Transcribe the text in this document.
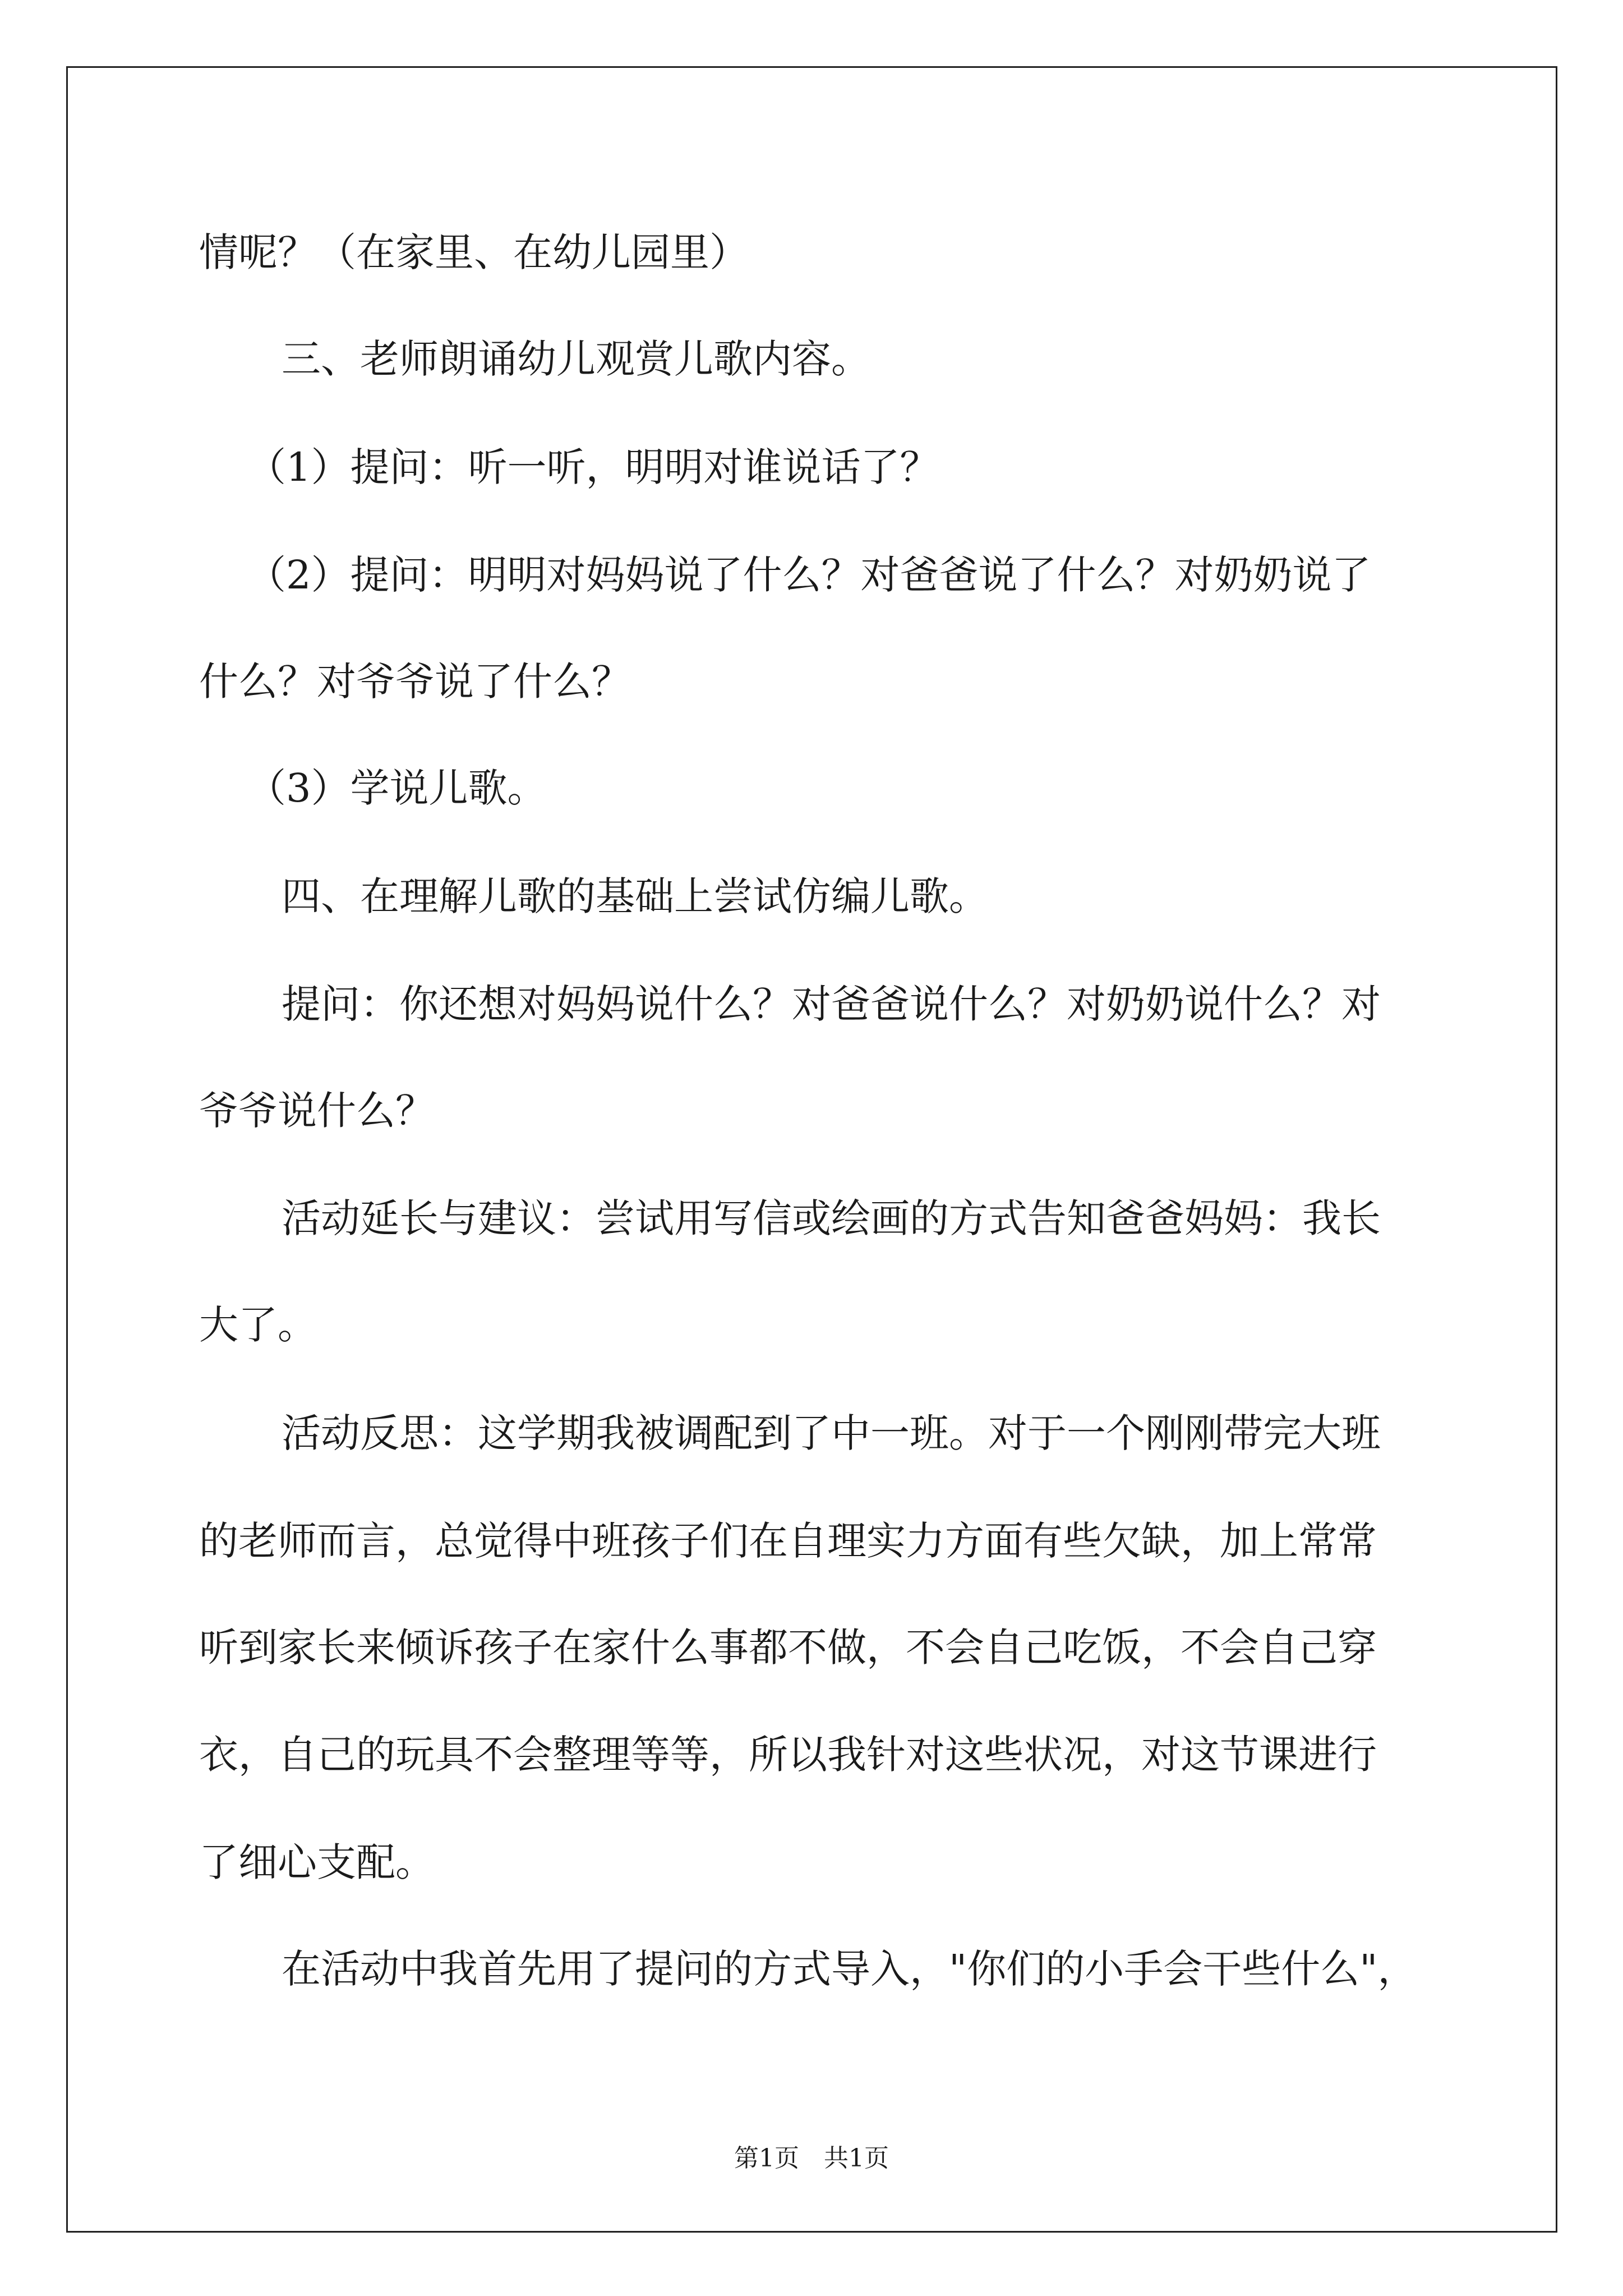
情呢？（在家里、在幼儿园里）
三、老师朗诵幼儿观赏儿歌内容。
（1）提问：听一听，明明对谁说话了？
（2）提问：明明对妈妈说了什么？对爸爸说了什么？对奶奶说了
什么？对爷爷说了什么？
（3）学说儿歌。
四、在理解儿歌的基础上尝试仿编儿歌。
提问：你还想对妈妈说什么？对爸爸说什么？对奶奶说什么？对
爷爷说什么？
活动延长与建议：尝试用写信或绘画的方式告知爸爸妈妈：我长
大了。
活动反思：这学期我被调配到了中一班。对于一个刚刚带完大班
的老师而言，总觉得中班孩子们在自理实力方面有些欠缺，加上常常
听到家长来倾诉孩子在家什么事都不做，不会自己吃饭，不会自己穿
衣，自己的玩具不会整理等等，所以我针对这些状况，对这节课进行
了细心支配。
在活动中我首先用了提问的方式导入，"你们的小手会干些什么"，
第1页　共1页
